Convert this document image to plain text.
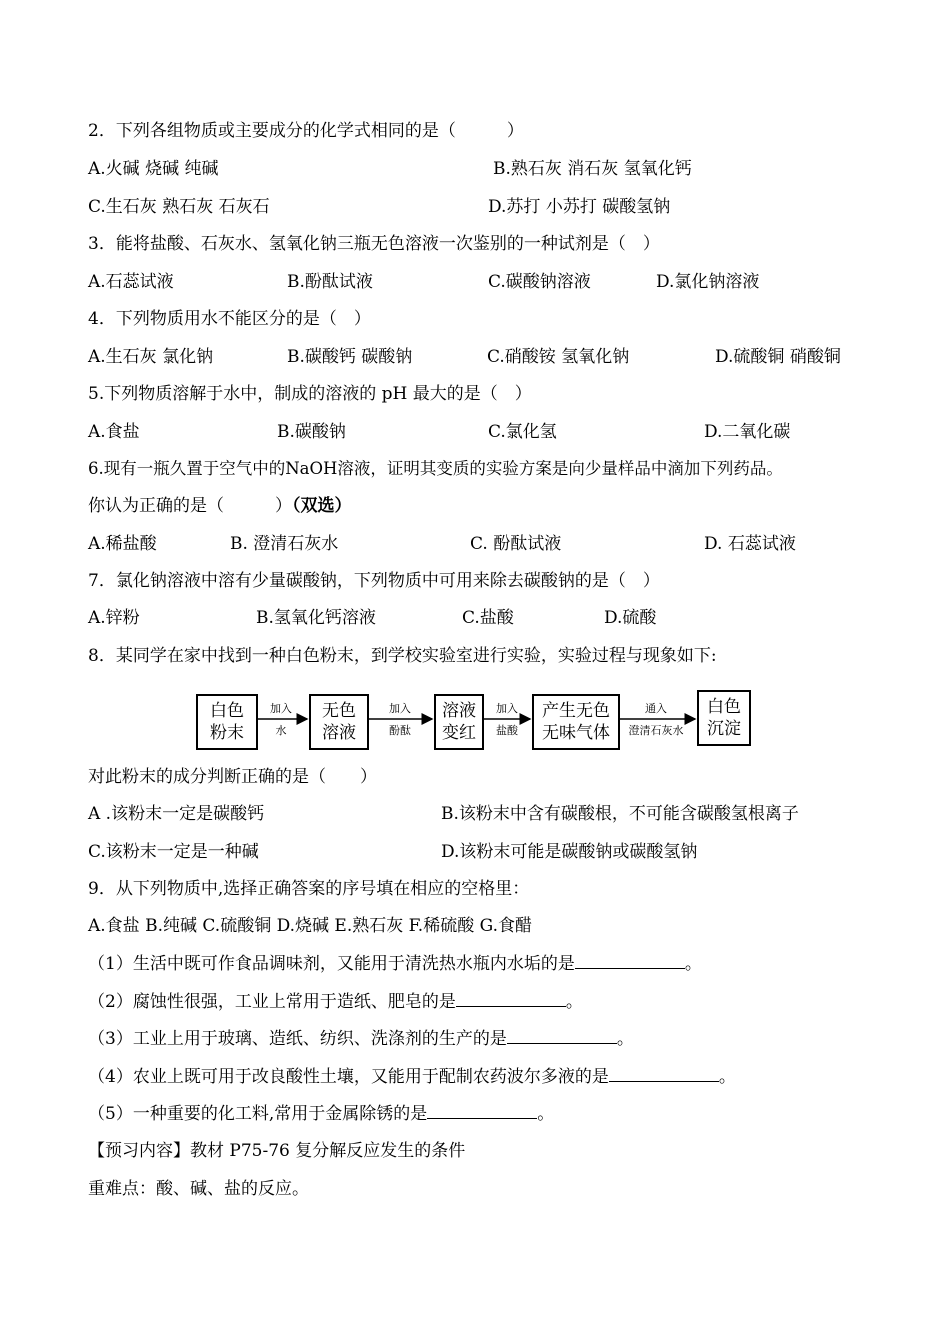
2．下列各组物质或主要成分的化学式相同的是（　　　）
A.火碱 烧碱 纯碱	B.熟石灰 消石灰 氢氧化钙
C.生石灰 熟石灰 石灰石	D.苏打 小苏打 碳酸氢钠
3．能将盐酸、石灰水、氢氧化钠三瓶无色溶液一次鉴别的一种试剂是（　）
A.石蕊试液	B.酚酞试液	C.碳酸钠溶液	D.氯化钠溶液
4．下列物质用水不能区分的是（　）
A.生石灰 氯化钠	B.碳酸钙 碳酸钠	C.硝酸铵 氢氧化钠	D.硫酸铜 硝酸铜
5.下列物质溶解于水中，制成的溶液的 pH 最大的是（　）
A.食盐	B.碳酸钠	C.氯化氢	D.二氧化碳
6.现有一瓶久置于空气中的NaOH溶液，证明其变质的实验方案是向少量样品中滴加下列药品。
你认为正确的是（　　　）（双选）
A.稀盐酸	B. 澄清石灰水	C. 酚酞试液	D. 石蕊试液
7．氯化钠溶液中溶有少量碳酸钠，下列物质中可用来除去碳酸钠的是（　）
A.锌粉	B.氢氧化钙溶液	C.盐酸	D.硫酸
8．某同学在家中找到一种白色粉末，到学校实验室进行实验，实验过程与现象如下:
白色
粉末
加入
水
无色
溶液
加入
酚酞
溶液
变红
加入
盐酸
产生无色
无味气体
通入
澄清石灰水
白色
沉淀
对此粉末的成分判断正确的是（　　）
A .该粉末一定是碳酸钙	B.该粉末中含有碳酸根，不可能含碳酸氢根离子
C.该粉末一定是一种碱	D.该粉末可能是碳酸钠或碳酸氢钠
9．从下列物质中,选择正确答案的序号填在相应的空格里：
A.食盐 B.纯碱 C.硫酸铜 D.烧碱 E.熟石灰 F.稀硫酸 G.食醋
（1）生活中既可作食品调味剂，又能用于清洗热水瓶内水垢的是	。
（2）腐蚀性很强，工业上常用于造纸、肥皂的是	。
（3）工业上用于玻璃、造纸、纺织、洗涤剂的生产的是	。
（4）农业上既可用于改良酸性土壤，又能用于配制农药波尔多液的是	。
（5）一种重要的化工料,常用于金属除锈的是	。
【预习内容】教材 P75-76 复分解反应发生的条件
重难点：酸、碱、盐的反应。
